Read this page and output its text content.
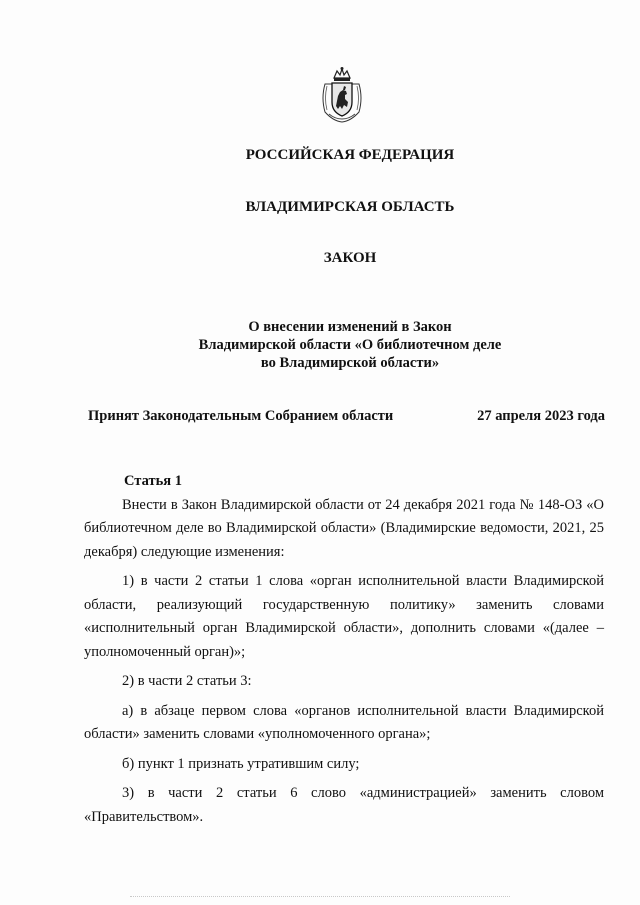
РОССИЙСКАЯ ФЕДЕРАЦИЯ

ВЛАДИМИРСКАЯ ОБЛАСТЬ

ЗАКОН

О внесении изменений в Закон
Владимирской области «О библиотечном деле
во Владимирской области»
Принят Законодательным Собранием области	27 апреля 2023 года

Статья 1

Внести в Закон Владимирской области от 24 декабря 2021 года № 148-ОЗ «О библиотечном деле во Владимирской области» (Владимирские ведомости, 2021, 25 декабря) следующие изменения:

1) в части 2 статьи 1 слова «орган исполнительной власти Владимирской области, реализующий государственную политику» заменить словами «исполнительный орган Владимирской области», дополнить словами «(далее – уполномоченный орган)»;

2) в части 2 статьи 3:

а) в абзаце первом слова «органов исполнительной власти Владимирской области» заменить словами «уполномоченного органа»;

б) пункт 1 признать утратившим силу;

3) в части 2 статьи 6 слово «администрацией» заменить словом «Правительством».
